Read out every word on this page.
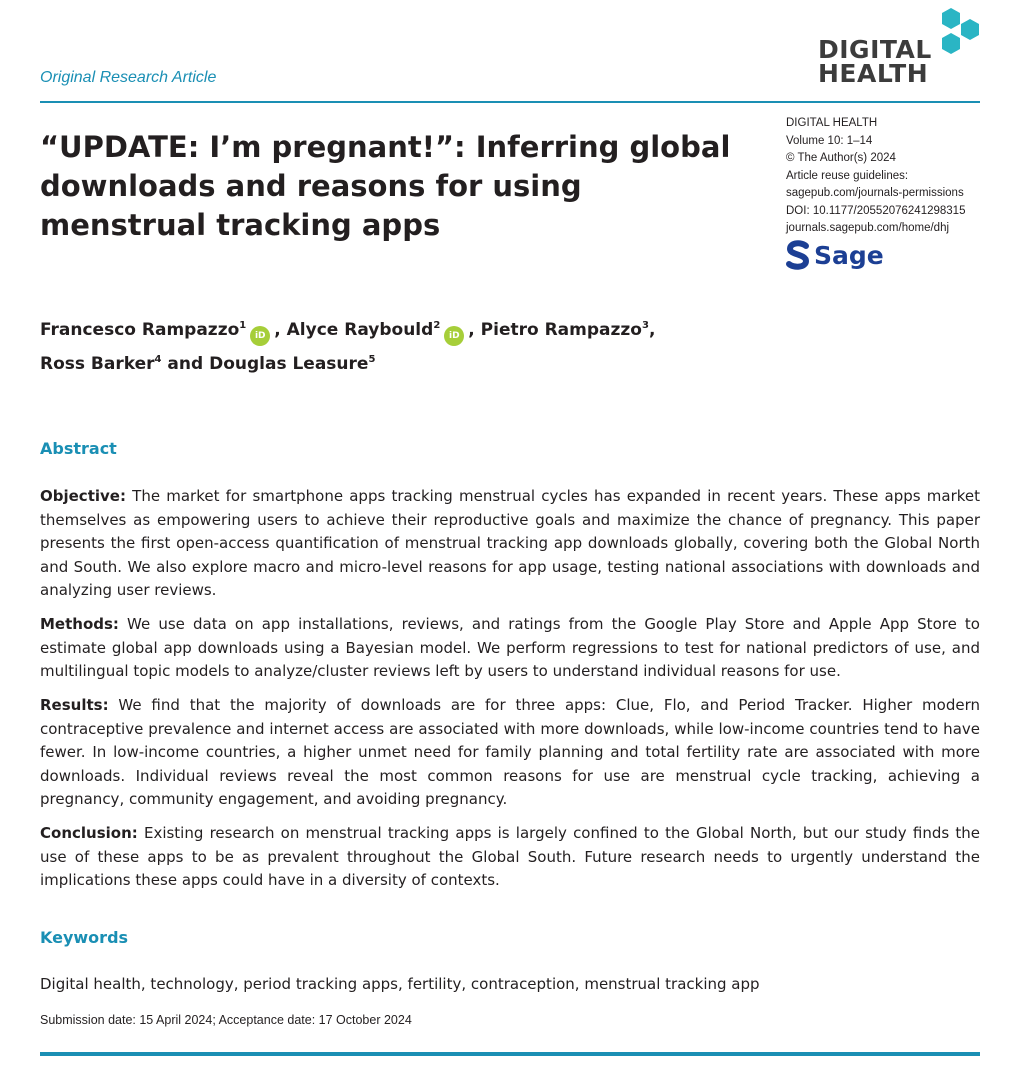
Original Research Article
DIGITAL
HEALTH
“UPDATE: I’m pregnant!”: Inferring global downloads and reasons for using menstrual tracking apps
DIGITAL HEALTH
Volume 10: 1–14
© The Author(s) 2024
Article reuse guidelines:
sagepub.com/journals-permissions
DOI: 10.1177/20552076241298315
journals.sagepub.com/home/dhj
Sage
Francesco Rampazzo$^1$iD , Alyce Raybould$^2$iD , Pietro Rampazzo$^3$,
Ross Barker$^4$ and Douglas Leasure$^5$
Abstract

Objective: The market for smartphone apps tracking menstrual cycles has expanded in recent years. These apps market themselves as empowering users to achieve their reproductive goals and maximize the chance of pregnancy. This paper presents the first open-access quantification of menstrual tracking app downloads globally, covering both the Global North and South. We also explore macro and micro-level reasons for app usage, testing national associations with downloads and analyzing user reviews.

Methods: We use data on app installations, reviews, and ratings from the Google Play Store and Apple App Store to estimate global app downloads using a Bayesian model. We perform regressions to test for national predictors of use, and multilingual topic models to analyze/cluster reviews left by users to understand individual reasons for use.

Results: We find that the majority of downloads are for three apps: Clue, Flo, and Period Tracker. Higher modern contraceptive prevalence and internet access are associated with more downloads, while low-income countries tend to have fewer. In low-income countries, a higher unmet need for family planning and total fertility rate are associated with more downloads. Individual reviews reveal the most common reasons for use are menstrual cycle tracking, achieving a pregnancy, community engagement, and avoiding pregnancy.

Conclusion: Existing research on menstrual tracking apps is largely confined to the Global North, but our study finds the use of these apps to be as prevalent throughout the Global South. Future research needs to urgently understand the implications these apps could have in a diversity of contexts.

Keywords
Digital health, technology, period tracking apps, fertility, contraception, menstrual tracking app
Submission date: 15 April 2024; Acceptance date: 17 October 2024
